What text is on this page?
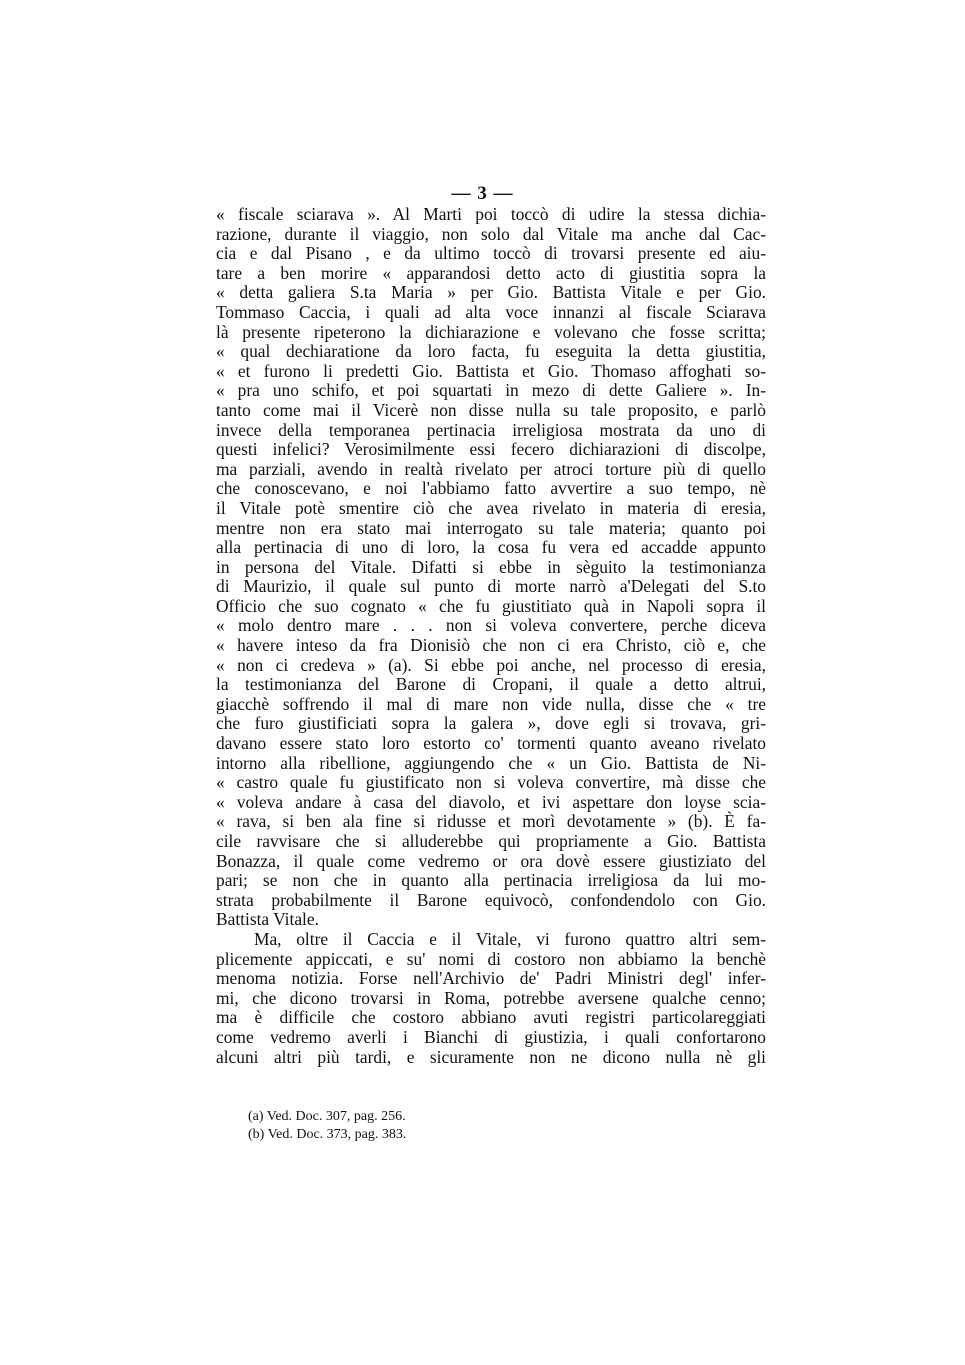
— 3 —
« fiscale sciarava ». Al Marti poi toccò di udire la stessa dichia-
razione, durante il viaggio, non solo dal Vitale ma anche dal Cac-
cia e dal Pisano , e da ultimo toccò di trovarsi presente ed aiu-
tare a ben morire « apparandosi detto acto di giustitia sopra la
« detta galiera S.ta Maria » per Gio. Battista Vitale e per Gio.
Tommaso Caccia, i quali ad alta voce innanzi al fiscale Sciarava
là presente ripeterono la dichiarazione e volevano che fosse scritta;
« qual dechiaratione da loro facta, fu eseguita la detta giustitia,
« et furono li predetti Gio. Battista et Gio. Thomaso affoghati so-
« pra uno schifo, et poi squartati in mezo di dette Galiere ». In-
tanto come mai il Vicerè non disse nulla su tale proposito, e parlò
invece della temporanea pertinacia irreligiosa mostrata da uno di
questi infelici? Verosimilmente essi fecero dichiarazioni di discolpe,
ma parziali, avendo in realtà rivelato per atroci torture più di quello
che conoscevano, e noi l'abbiamo fatto avvertire a suo tempo, nè
il Vitale potè smentire ciò che avea rivelato in materia di eresia,
mentre non era stato mai interrogato su tale materia; quanto poi
alla pertinacia di uno di loro, la cosa fu vera ed accadde appunto
in persona del Vitale. Difatti si ebbe in sèguito la testimonianza
di Maurizio, il quale sul punto di morte narrò a'Delegati del S.to
Officio che suo cognato « che fu giustitiato quà in Napoli sopra il
« molo dentro mare . . . non si voleva convertere, perche diceva
« havere inteso da fra Dionisiò che non ci era Christo, ciò e, che
« non ci credeva » (a). Si ebbe poi anche, nel processo di eresia,
la testimonianza del Barone di Cropani, il quale a detto altrui,
giacchè soffrendo il mal di mare non vide nulla, disse che « tre
che furo giustificiati sopra la galera », dove egli si trovava, gri-
davano essere stato loro estorto co' tormenti quanto aveano rivelato
intorno alla ribellione, aggiungendo che « un Gio. Battista de Ni-
« castro quale fu giustificato non si voleva convertire, mà disse che
« voleva andare à casa del diavolo, et ivi aspettare don loyse scia-
« rava, si ben ala fine si ridusse et morì devotamente » (b). È fa-
cile ravvisare che si alluderebbe qui propriamente a Gio. Battista
Bonazza, il quale come vedremo or ora dovè essere giustiziato del
pari; se non che in quanto alla pertinacia irreligiosa da lui mo-
strata probabilmente il Barone equivocò, confondendolo con Gio.
Battista Vitale.
Ma, oltre il Caccia e il Vitale, vi furono quattro altri sem-
plicemente appiccati, e su' nomi di costoro non abbiamo la benchè
menoma notizia. Forse nell'Archivio de' Padri Ministri degl' infer-
mi, che dicono trovarsi in Roma, potrebbe aversene qualche cenno;
ma è difficile che costoro abbiano avuti registri particolareggiati
come vedremo averli i Bianchi di giustizia, i quali confortarono
alcuni altri più tardi, e sicuramente non ne dicono nulla nè gli
(a) Ved. Doc. 307, pag. 256.
(b) Ved. Doc. 373, pag. 383.
